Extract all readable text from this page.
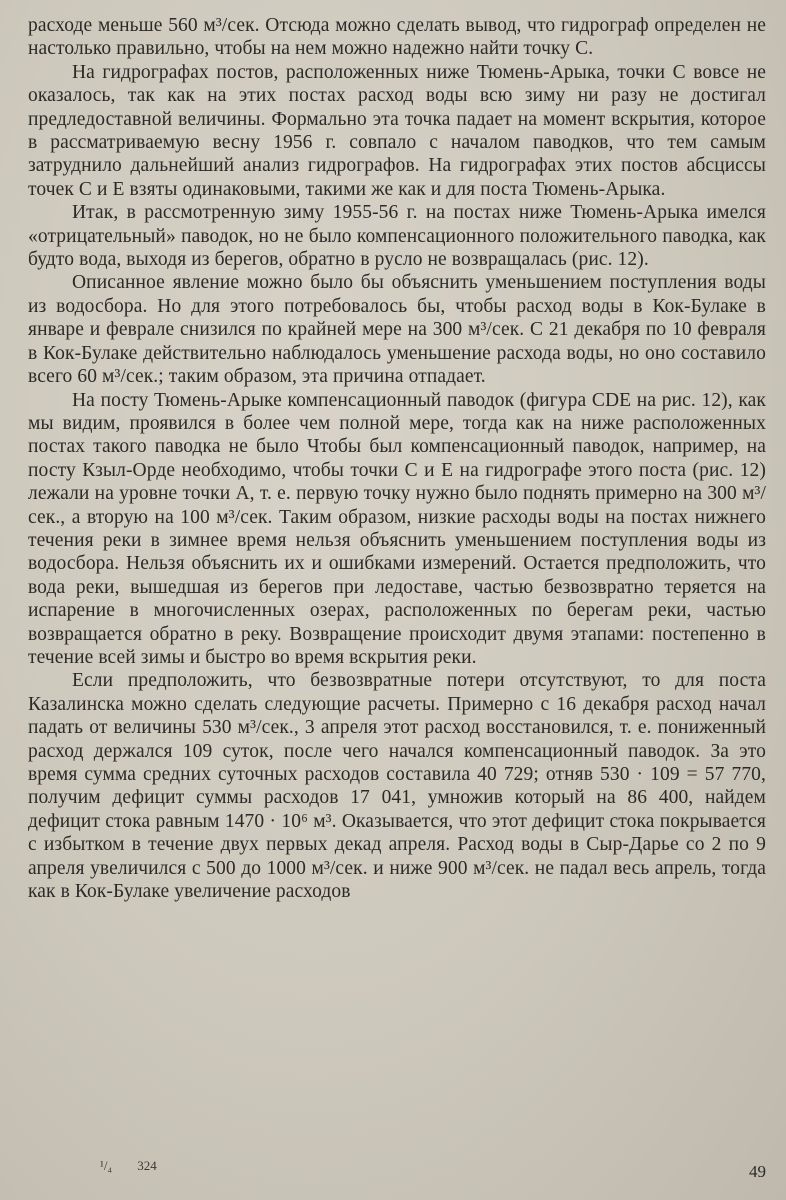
расходе меньше 560 м³/сек. Отсюда можно сделать вывод, что гидрограф определен не настолько правильно, чтобы на нем можно надежно найти точку C.

На гидрографах постов, расположенных ниже Тюмень-Арыка, точки C вовсе не оказалось, так как на этих постах расход воды всю зиму ни разу не достигал предледоставной величины. Формально эта точка падает на момент вскрытия, которое в рассматриваемую весну 1956 г. совпало с началом паводков, что тем самым затруднило дальнейший анализ гидрографов. На гидрографах этих постов абсциссы точек C и E взяты одинаковыми, такими же как и для поста Тюмень-Арыка.

Итак, в рассмотренную зиму 1955-56 г. на постах ниже Тюмень-Арыка имелся «отрицательный» паводок, но не было компенсационного положительного паводка, как будто вода, выходя из берегов, обратно в русло не возвращалась (рис. 12).

Описанное явление можно было бы объяснить уменьшением поступления воды из водосбора. Но для этого потребовалось бы, чтобы расход воды в Кок-Булаке в январе и феврале снизился по крайней мере на 300 м³/сек. С 21 декабря по 10 февраля в Кок-Булаке действительно наблюдалось уменьшение расхода воды, но оно составило всего 60 м³/сек.; таким образом, эта причина отпадает.

На посту Тюмень-Арыке компенсационный паводок (фигура CDE на рис. 12), как мы видим, проявился в более чем полной мере, тогда как на ниже расположенных постах такого паводка не было Чтобы был компенсационный паводок, например, на посту Кзыл-Орде необходимо, чтобы точки C и E на гидрографе этого поста (рис. 12) лежали на уровне точки A, т. е. первую точку нужно было поднять примерно на 300 м³/сек., а вторую на 100 м³/сек. Таким образом, низкие расходы воды на постах нижнего течения реки в зимнее время нельзя объяснить уменьшением поступления воды из водосбора. Нельзя объяснить их и ошибками измерений. Остается предположить, что вода реки, вышедшая из берегов при ледоставе, частью безвозвратно теряется на испарение в многочисленных озерах, расположенных по берегам реки, частью возвращается обратно в реку. Возвращение происходит двумя этапами: постепенно в течение всей зимы и быстро во время вскрытия реки.

Если предположить, что безвозвратные потери отсутствуют, то для поста Казалинска можно сделать следующие расчеты. Примерно с 16 декабря расход начал падать от величины 530 м³/сек., 3 апреля этот расход восстановился, т. е. пониженный расход держался 109 суток, после чего начался компенсационный паводок. За это время сумма средних суточных расходов составила 40 729; отняв 530 · 109 = 57 770, получим дефицит суммы расходов 17 041, умножив который на 86 400, найдем дефицит стока равным 1470 · 10⁶ м³. Оказывается, что этот дефицит стока покрывается с избытком в течение двух первых декад апреля. Расход воды в Сыр-Дарье со 2 по 9 апреля увеличился с 500 до 1000 м³/сек. и ниже 900 м³/сек. не падал весь апрель, тогда как в Кок-Булаке увеличение расходов

¹/₄ 324	49
